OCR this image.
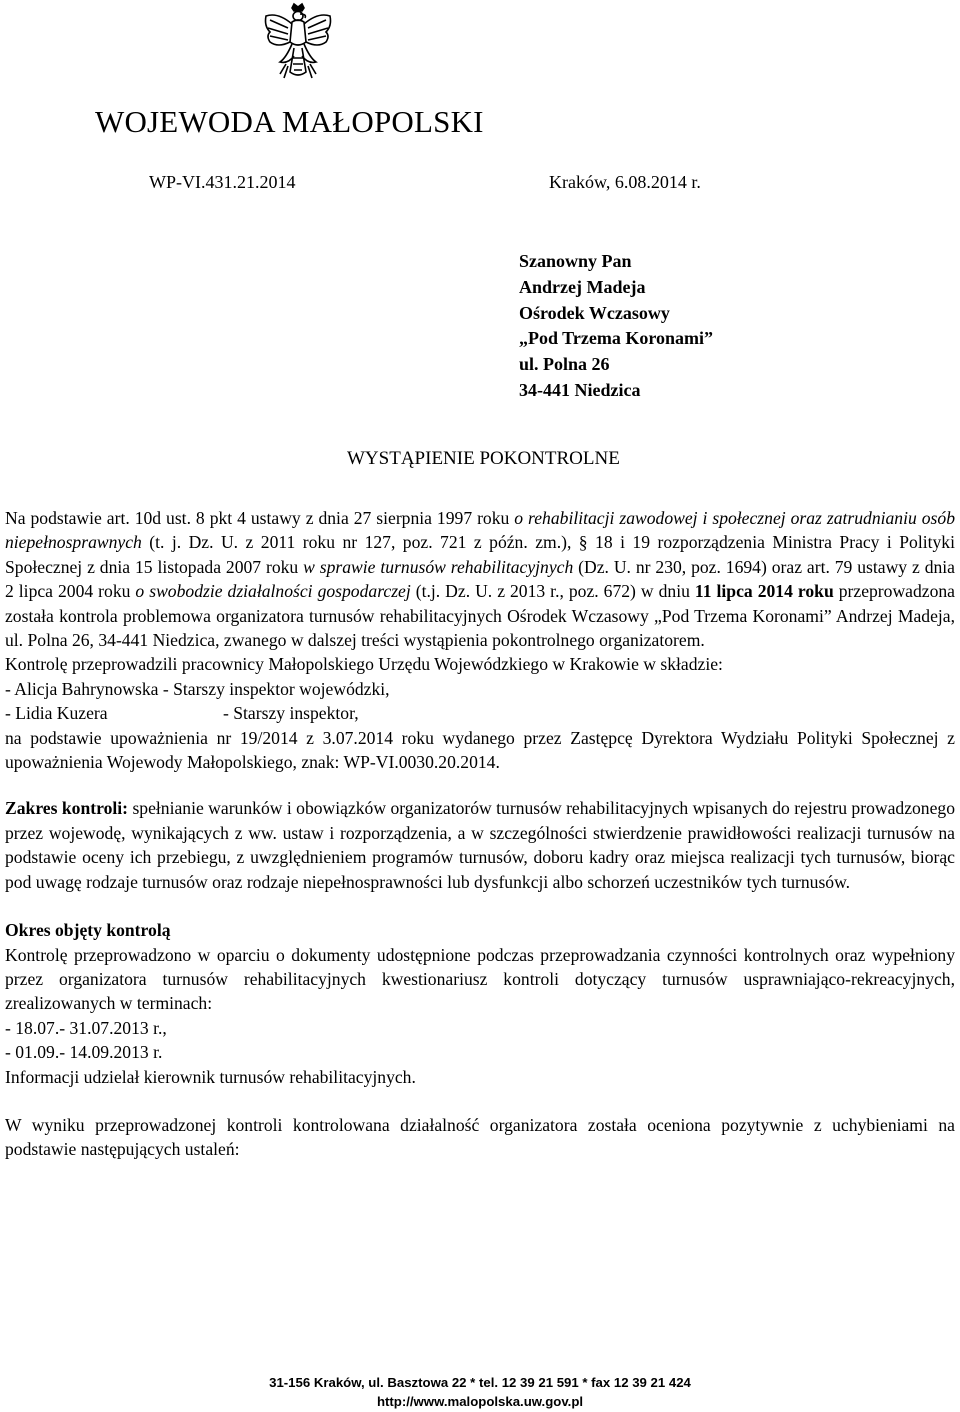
WOJEWODA MAŁOPOLSKI
WP-VI.431.21.2014	Kraków, 6.08.2014 r.
Szanowny Pan
Andrzej Madeja
Ośrodek Wczasowy
„Pod Trzema Koronami”
ul. Polna 26
34-441 Niedzica
WYSTĄPIENIE POKONTROLNE

Na podstawie art. 10d ust. 8 pkt 4 ustawy z dnia 27 sierpnia 1997 roku o rehabilitacji zawodowej i społecznej oraz zatrudnianiu osób niepełnosprawnych (t. j. Dz. U. z 2011 roku nr 127, poz. 721 z późn. zm.), § 18 i 19 rozporządzenia Ministra Pracy i Polityki Społecznej z dnia 15 listopada 2007 roku w sprawie turnusów rehabilitacyjnych (Dz. U. nr 230, poz. 1694) oraz art. 79 ustawy z dnia 2 lipca 2004 roku o swobodzie działalności gospodarczej (t.j. Dz. U. z 2013 r., poz. 672) w dniu 11 lipca 2014 roku przeprowadzona została kontrola problemowa organizatora turnusów rehabilitacyjnych Ośrodek Wczasowy „Pod Trzema Koronami” Andrzej Madeja, ul. Polna 26, 34-441 Niedzica, zwanego w dalszej treści wystąpienia pokontrolnego organizatorem.

Kontrolę przeprowadzili pracownicy Małopolskiego Urzędu Wojewódzkiego w Krakowie w składzie:

- Alicja Bahrynowska - Starszy inspektor wojewódzki,

- Lidia Kuzera	- Starszy inspektor,

na podstawie upoważnienia nr 19/2014 z 3.07.2014 roku wydanego przez Zastępcę Dyrektora Wydziału Polityki Społecznej z upoważnienia Wojewody Małopolskiego, znak: WP-VI.0030.20.2014.

Zakres kontroli: spełnianie warunków i obowiązków organizatorów turnusów rehabilitacyjnych wpisanych do rejestru prowadzonego przez wojewodę, wynikających z ww. ustaw i rozporządzenia, a w szczególności stwierdzenie prawidłowości realizacji turnusów na podstawie oceny ich przebiegu, z uwzględnieniem programów turnusów, doboru kadry oraz miejsca realizacji tych turnusów, biorąc pod uwagę rodzaje turnusów oraz rodzaje niepełnosprawności lub dysfunkcji albo schorzeń uczestników tych turnusów.

Okres objęty kontrolą

Kontrolę przeprowadzono w oparciu o dokumenty udostępnione podczas przeprowadzania czynności kontrolnych oraz wypełniony przez organizatora turnusów rehabilitacyjnych kwestionariusz kontroli dotyczący turnusów usprawniająco-rekreacyjnych, zrealizowanych w terminach:

- 18.07.- 31.07.2013 r.,

- 01.09.- 14.09.2013 r.

Informacji udzielał kierownik turnusów rehabilitacyjnych.

W wyniku przeprowadzonej kontroli kontrolowana działalność organizatora została oceniona pozytywnie z uchybieniami na podstawie następujących ustaleń:

31-156 Kraków, ul. Basztowa 22 * tel. 12 39 21 591 * fax 12 39 21 424
http://www.malopolska.uw.gov.pl
